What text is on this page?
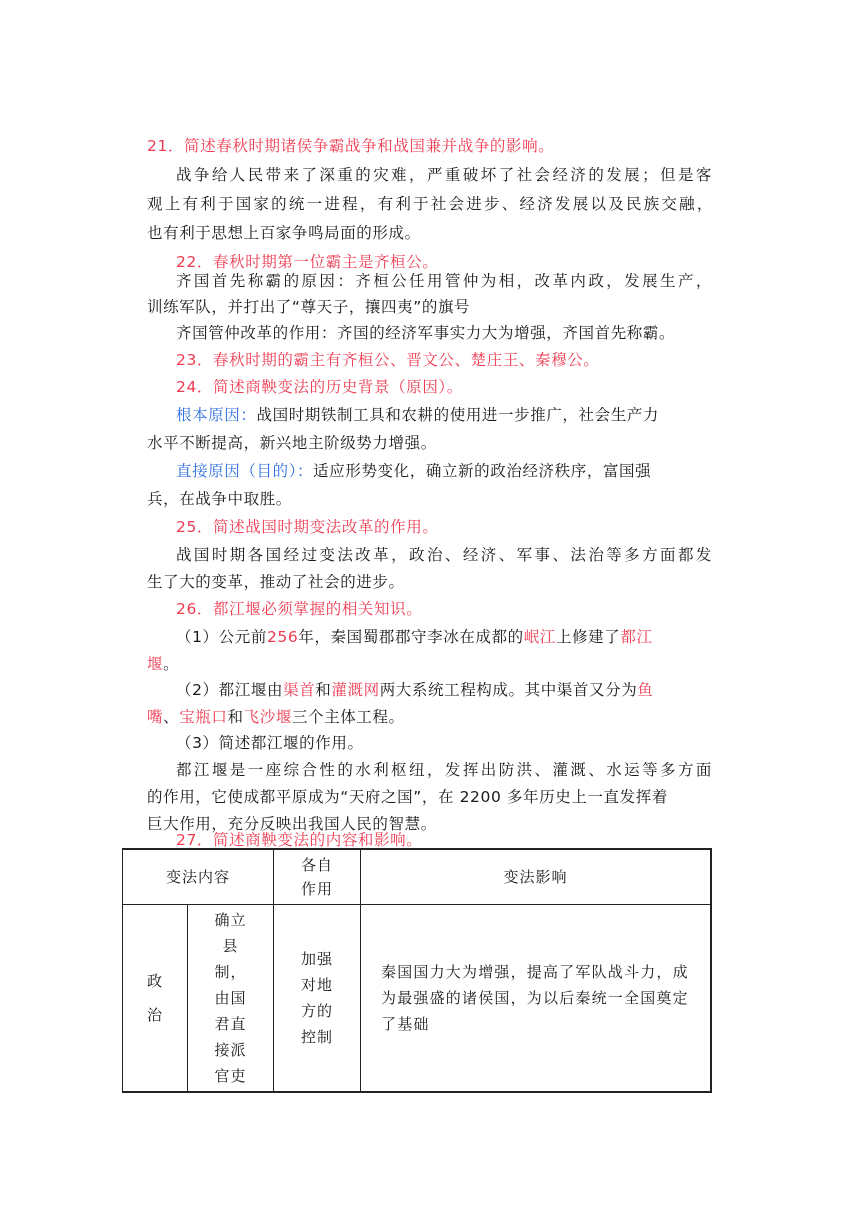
21．简述春秋时期诸侯争霸战争和战国兼并战争的影响。
战争给人民带来了深重的灾难，严重破坏了社会经济的发展；但是客
观上有利于国家的统一进程，有利于社会进步、经济发展以及民族交融，
也有利于思想上百家争鸣局面的形成。
22．春秋时期第一位霸主是齐桓公。
齐国首先称霸的原因：齐桓公任用管仲为相，改革内政，发展生产，
训练军队，并打出了“尊天子，攘四夷”的旗号
齐国管仲改革的作用：齐国的经济军事实力大为增强，齐国首先称霸。
23．春秋时期的霸主有齐桓公、晋文公、楚庄王、秦穆公。
24．简述商鞅变法的历史背景（原因）。
根本原因：战国时期铁制工具和农耕的使用进一步推广，社会生产力
水平不断提高，新兴地主阶级势力增强。
直接原因（目的）：适应形势变化，确立新的政治经济秩序，富国强
兵，在战争中取胜。
25．简述战国时期变法改革的作用。
战国时期各国经过变法改革，政治、经济、军事、法治等多方面都发
生了大的变革，推动了社会的进步。
26．都江堰必须掌握的相关知识。
（1）公元前256年，秦国蜀郡郡守李冰在成都的岷江上修建了都江
堰。
（2）都江堰由渠首和灌溉网两大系统工程构成。其中渠首又分为鱼
嘴、宝瓶口和飞沙堰三个主体工程。
（3）简述都江堰的作用。
都江堰是一座综合性的水利枢纽，发挥出防洪、灌溉、水运等多方面
的作用，它使成都平原成为“天府之国”，在 2200 多年历史上一直发挥着
巨大作用，充分反映出我国人民的智慧。
27．简述商鞅变法的内容和影响。
变法内容		各自作用	变法影响

政治	确立县制，由国君直接派官吏	加强对地方的控制	秦国国力大为增强，提高了军队战斗力，成为最强盛的诸侯国，为以后秦统一全国奠定了基础
